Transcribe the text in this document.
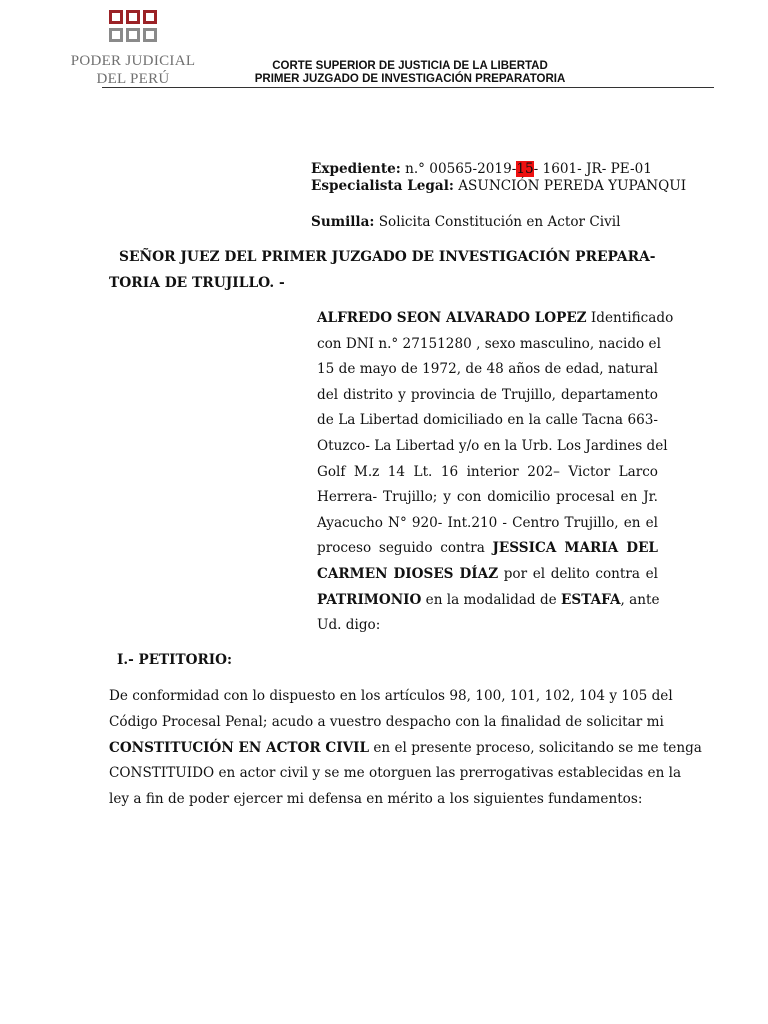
PODER JUDICIAL
DEL PERÚ
CORTE SUPERIOR DE JUSTICIA DE LA LIBERTAD
PRIMER JUZGADO DE INVESTIGACIÓN PREPARATORIA
Expediente: n.° 00565-2019-15- 1601- JR- PE-01
Especialista Legal: ASUNCIÓN PEREDA YUPANQUI
Sumilla: Solicita Constitución en Actor Civil
SEÑOR JUEZ DEL PRIMER JUZGADO DE INVESTIGACIÓN PREPARA-
TORIA DE TRUJILLO. -
ALFREDO SEON ALVARADO LOPEZ Identificado
con DNI n.° 27151280 , sexo masculino, nacido el
15 de mayo de 1972, de 48 años de edad, natural
del distrito y provincia de Trujillo, departamento
de La Libertad domiciliado en la calle Tacna 663-
Otuzco- La Libertad y/o en la Urb. Los Jardines del
Golf M.z 14 Lt. 16 interior 202– Victor Larco
Herrera- Trujillo; y con domicilio procesal en Jr.
Ayacucho N° 920- Int.210 - Centro Trujillo, en el
proceso seguido contra JESSICA MARIA DEL
CARMEN DIOSES DÍAZ por el delito contra el
PATRIMONIO en la modalidad de ESTAFA, ante
Ud. digo:
I.- PETITORIO:
De conformidad con lo dispuesto en los artículos 98, 100, 101, 102, 104 y 105 del
Código Procesal Penal; acudo a vuestro despacho con la finalidad de solicitar mi
CONSTITUCIÓN EN ACTOR CIVIL en el presente proceso, solicitando se me tenga
CONSTITUIDO en actor civil y se me otorguen las prerrogativas establecidas en la
ley a fin de poder ejercer mi defensa en mérito a los siguientes fundamentos:
